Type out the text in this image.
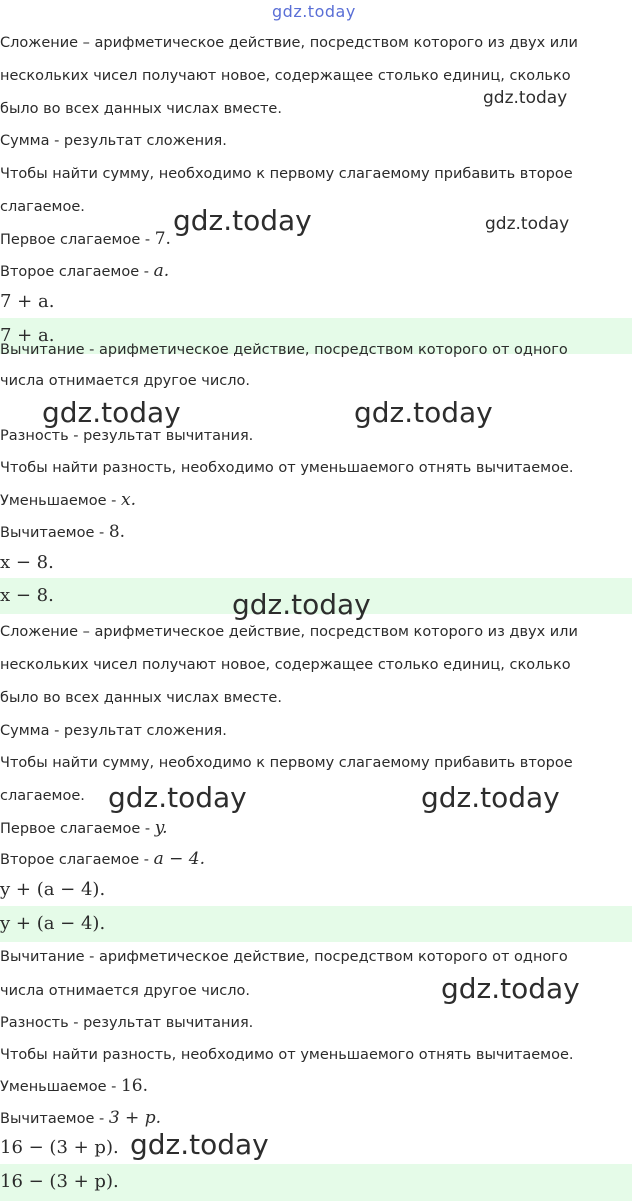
gdz.today
gdz.today
gdz.today	gdz.today
Сложение – арифметическое действие, посредством которого из двух или
нескольких чисел получают новое, содержащее столько единиц, сколько
было во всех данных числах вместе.
Сумма - результат сложения.
Чтобы найти сумму, необходимо к первому слагаемому прибавить второе
слагаемое.
Первое слагаемое - 7.
Второе слагаемое - a.
7 + a.
7 + a.
Вычитание - арифметическое действие, посредством которого от одного
числа отнимается другое число.
gdz.today	gdz.today
Разность - результат вычитания.
Чтобы найти разность, необходимо от уменьшаемого отнять вычитаемое.
Уменьшаемое - x.
Вычитаемое - 8.
x − 8.
x − 8.	gdz.today
Сложение – арифметическое действие, посредством которого из двух или
нескольких чисел получают новое, содержащее столько единиц, сколько
было во всех данных числах вместе.
Сумма - результат сложения.
Чтобы найти сумму, необходимо к первому слагаемому прибавить второе
слагаемое. gdz.today	gdz.today
Первое слагаемое - y.
Второе слагаемое - a − 4.
y + (a − 4).
y + (a − 4).
Вычитание - арифметическое действие, посредством которого от одного
числа отнимается другое число.	gdz.today
Разность - результат вычитания.
Чтобы найти разность, необходимо от уменьшаемого отнять вычитаемое.
Уменьшаемое - 16.
Вычитаемое - 3 + p.
16 − (3 + p). gdz.today
16 − (3 + p).
